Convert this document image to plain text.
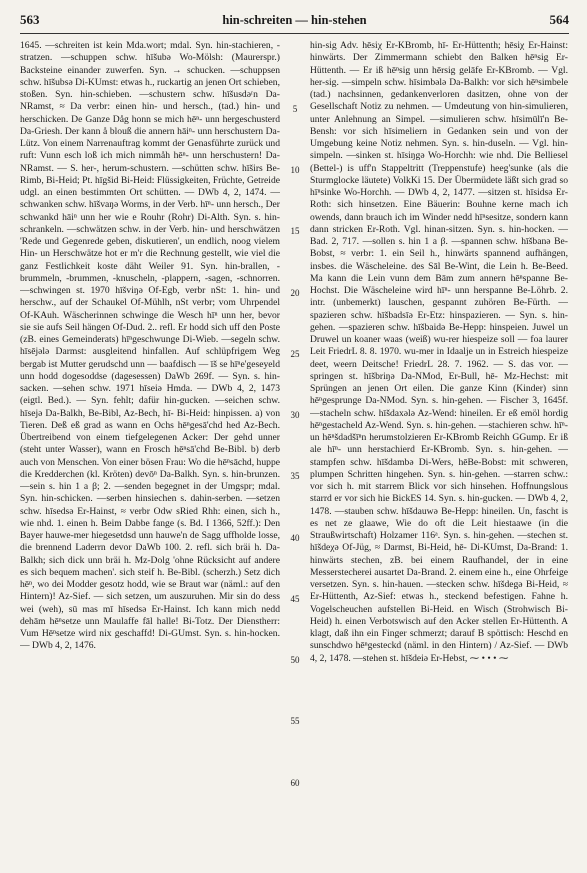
563	hin-schreiten — hin-stehen	564

1645. —schreiten ist kein Mda.wort; mdal. Syn. hin-stachieren, -stratzen. —schuppen schw. hīšubǝ Wo-Mölsh: (Maurerspr.) Backsteine einander zuwerfen. Syn. → schucken. —schuppsen schw. hīšubsǝ Di-KUmst: etwas h., ruckartig an jenen Ort schieben, stoßen. Syn. hin-schieben. —schustern schw. hīšusdǝʳn Da-NRamst, ≈ Da verbr: einen hin- und hersch., (tad.) hin- und herschicken. De Ganze Dåg honn se mich hēⁿ- unn hergeschusterd Da-Griesh. Der kann å blouß die annern hāiⁿ- unn herschustern Da-Lütz. Von einem Narrenauftrag kommt der Genasführte zurück und ruft: Vunn esch loß ich mich nimmåh hēⁿ- unn herschustern! Da-NRamst. — S. her-, herum-schustern. —schütten schw. hīširs Be-Rimb, Bi-Heid; Pt. hīgšid Bi-Heid: Flüssigkeiten, Früchte, Getreide udgl. an einen bestimmten Ort schütten. — DWb 4, 2, 1474. —schwanken schw. hīšvaŋǝ Worms, in der Verb. hīⁿ- unn hersch., Der schwankd hāiⁿ unn her wie e Rouhr (Rohr) Di-Alth. Syn. s. hin-schrankeln. —schwätzen schw. in der Verb. hin- und herschwätzen 'Rede und Gegenrede geben, diskutieren', un endlich, noog vielem Hin- un Herschwätze hot er m'r die Rechnung gestellt, wie viel die ganz Festlichkeit koste däht Weiler 91. Syn. hin-brallen, -brummeln, -brummen, -knuscheln, -plappern, -sagen, -schnorren. —schwingen st. 1970 hīšviŋǝ Of-Egb, verbr nSt: 1. hin- und herschw., auf der Schaukel Of-Mühlh, nSt verbr; vom Uhrpendel Of-KAuh. Wäscherinnen schwinge die Wesch hīⁿ unn her, bevor sie sie aufs Seil hängen Of-Dud. 2.. refl. Er hodd sich uff den Poste (zB. eines Gemeinderats) hīⁿgeschwunge Di-Wieb. —segeln schw. hīsējǝlǝ Darmst: ausgleitend hinfallen. Auf schlüpfrigem Weg bergab ist Mutter gerudschd unn — baafdisch — īš se hīⁿe'geseyeld unn hodd dogesoddse (dagesessen) DaWb 269f. — Syn. s. hin-sacken. —sehen schw. 1971 hīseiǝ Hmda. — DWb 4, 2, 1473 (eigtl. Bed.). — Syn. fehlt; dafür hin-gucken. —seichen schw. hīsejǝ Da-Balkh, Be-Bibl, Az-Bech, hī- Bi-Heid: hinpissen. a) von Tieren. Deß eß grad as wann en Ochs hēⁿgesā'chd hed Az-Bech. Übertreibend von einem tiefgelegenen Acker: Der gehd unner (steht unter Wasser), wann en Frosch hēⁿsā'chd Be-Bibl. b) derb auch von Menschen. Von einer bösen Frau: Wo die hēⁿsāchd, huppe die Kredderchen (kl. Kröten) devōⁿ Da-Balkh. Syn. s. hin-brunzen. —sein s. hin 1 a β; 2. —senden begegnet in der Umgspr; mdal. Syn. hin-schicken. —serben hinsiechen s. dahin-serben. —setzen schw. hīsedsǝ Er-Hainst, ≈ verbr Odw sRied Rhh: einen, sich h., wie nhd. 1. einen h. Beim Dabbe fange (s. Bd. I 1366, 52ff.): Den Bayer hauwe-mer hiegesetdsd unn hauwe'n de Sagg uffholde losse, die brennend Laderrn devor DaWb 100. 2. refl. sich bräi h. Da-Balkh; sich dick unn bräi h. Mz-Dolg 'ohne Rücksicht auf andere es sich bequem machen'. sich steif h. Be-Bibl. (scherzh.) Setz dich hēⁿ, wo dei Modder gesotz hodd, wie se Braut war (näml.: auf den Hintern)! Az-Sief. — sich setzen, um auszuruhen. Mir sin do dess wei (weh), sū mas mī hīsedsǝ Er-Hainst. Ich kann mich nedd dehām hēⁿsetze unn Maulaffe fāl halle! Bi-Totz. Der Dienstherr: Vum Hēⁿsetze wird nix geschaffd! Di-GUmst. Syn. s. hin-hocken. — DWb 4, 2, 1476.

5
10
15
20
25
30
35
40
45
50
55
60

hin-sig Adv. hēsiχ Er-KBromb, hī- Er-Hüttenth; hēsiχ Er-Hainst: hinwärts. Der Zimmermann schiebt den Balken hēⁿsig Er-Hüttenth. — Er iß hēⁿsig unn hērsig gelāfe Er-KBromb. — Vgl. her-sig. —simpeln schw. hīsimbǝlǝ Da-Balkh: vor sich hēⁿsimbele (tad.) nachsinnen, gedankenverloren dasitzen, ohne von der Gesellschaft Notiz zu nehmen. — Umdeutung von hin-simulieren, unter Anlehnung an Simpel. —simulieren schw. hīsimūlī'n Be-Bensh: vor sich hīsimeliern in Gedanken sein und von der Umgebung keine Notiz nehmen. Syn. s. hin-duseln. — Vgl. hin-simpeln. —sinken st. hīsiŋgǝ Wo-Horchh: wie nhd. Die Belliesel (Bettel-) is uff'n Stappeltritt (Treppenstufe) heeg'sunke (als die Sturmglocke läutete) VolkKi 15. Der Übermüdete läßt sich grad so hīⁿsinke Wo-Horchh. — DWb 4, 2, 1477. —sitzen st. hīsidsǝ Er-Roth: sich hinsetzen. Eine Bäuerin: Bouhne kerne mach ich owends, dann brauch ich im Winder nedd hīⁿsesitze, sondern kann dann stricken Er-Roth. Vgl. hinan-sitzen. Syn. s. hin-hocken. — Bad. 2, 717. —sollen s. hin 1 a β. —spannen schw. hīšbanǝ Be-Bobst, ≈ verbr: 1. ein Seil h., hinwärts spannend aufhängen, insbes. die Wäscheleine. des Sāl Be-Wint, die Lein h. Be-Beed. Ma kann die Lein vunn dem Bām zum annern hēⁿspanne Be-Hochst. Die Wäscheleine wird hīⁿ- unn herspanne Be-Löhrb. 2. intr. (unbemerkt) lauschen, gespannt zuhören Be-Fürth. —spazieren schw. hīšbadsīǝ Er-Etz: hinspazieren. — Syn. s. hin-gehen. —spazieren schw. hīšbaidǝ Be-Hepp: hinspeien. Juwel un Druwel un koaner waas (weiß) wu-rer hiespeize soll — foa laurer Leit FriedrL 8. 8. 1970. wu-mer in Idaalje un in Estreich hiespeize deet, weern Deitsche! FriedrL 28. 7. 1962. — S. das vor. —springen st. hīšbriŋǝ Da-NMod, Er-Bull, hē- Mz-Hechst: mit Sprüngen an jenen Ort eilen. Die ganze Kinn (Kinder) sinn hēⁿgesprunge Da-NMod. Syn. s. hin-gehen. — Fischer 3, 1645f. —stacheln schw. hīšdaxǝlǝ Az-Wend: hineilen. Er eß emöl hordig hēⁿgestacheld Az-Wend. Syn. s. hin-gehen. —stachieren schw. hīⁿ- un hēⁿšdadšīⁿn herumstolzieren Er-KBromb Reichh GGump. Er iß ale hīⁿ- unn herstachierd Er-KBromb. Syn. s. hin-gehen. —stampfen schw. hīšdambǝ Di-Wers, hēBe-Bobst: mit schweren, plumpen Schritten hingehen. Syn. s. hin-gehen. —starren schw.: vor sich h. mit starrem Blick vor sich hinsehen. Hoffnungslous starrd er vor sich hie BickES 14. Syn. s. hin-gucken. — DWb 4, 2, 1478. —stauben schw. hīšdauwǝ Be-Hepp: hineilen. Un, fascht is es net ze glaawe, Wie do oft die Leit hiestaawe (in die Straußwirtschaft) Holzamer 116ᵃ. Syn. s. hin-gehen. —stechen st. hīšdeχǝ Of-Jüg, ≈ Darmst, Bi-Heid, hē- Di-KUmst, Da-Brand: 1. hinwärts stechen, zB. bei einem Raufhandel, der in eine Messerstecherei ausartet Da-Brand. 2. einem eine h., eine Ohrfeige versetzen. Syn. s. hin-hauen. —stecken schw. hīšdegǝ Bi-Heid, ≈ Er-Hüttenth, Az-Sief: etwas h., steckend befestigen. Fahne h. Vogelscheuchen aufstellen Bi-Heid. en Wisch (Strohwisch Bi-Heid) h. einen Verbotswisch auf den Acker stellen Er-Hüttenth. A klagt, daß ihn ein Finger schmerzt; darauf B spöttisch: Heschd en sunschdwo hēⁿgesteckd (näml. in den Hintern) / Az-Sief. — DWb 4, 2, 1478. —stehen st. hīšdeiǝ Er-Hebst, ⁓ • • • ⁓
